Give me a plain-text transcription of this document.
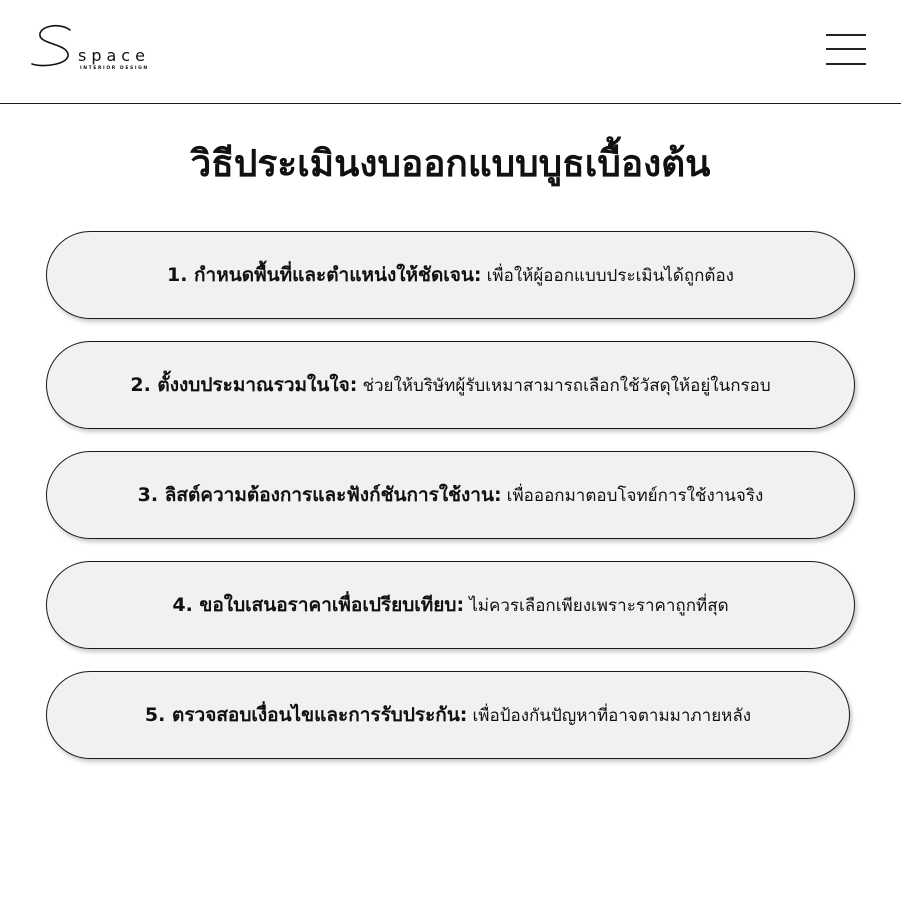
space
INTERIOR DESIGN
วิธีประเมินงบออกแบบบูธเบื้องต้น
1. กำหนดพื้นที่และตำแหน่งให้ชัดเจน: เพื่อให้ผู้ออกแบบประเมินได้ถูกต้อง
2. ตั้งงบประมาณรวมในใจ: ช่วยให้บริษัทผู้รับเหมาสามารถเลือกใช้วัสดุให้อยู่ในกรอบ
3. ลิสต์ความต้องการและฟังก์ชันการใช้งาน: เพื่อออกมาตอบโจทย์การใช้งานจริง
4. ขอใบเสนอราคาเพื่อเปรียบเทียบ: ไม่ควรเลือกเพียงเพราะราคาถูกที่สุด
5. ตรวจสอบเงื่อนไขและการรับประกัน: เพื่อป้องกันปัญหาที่อาจตามมาภายหลัง
